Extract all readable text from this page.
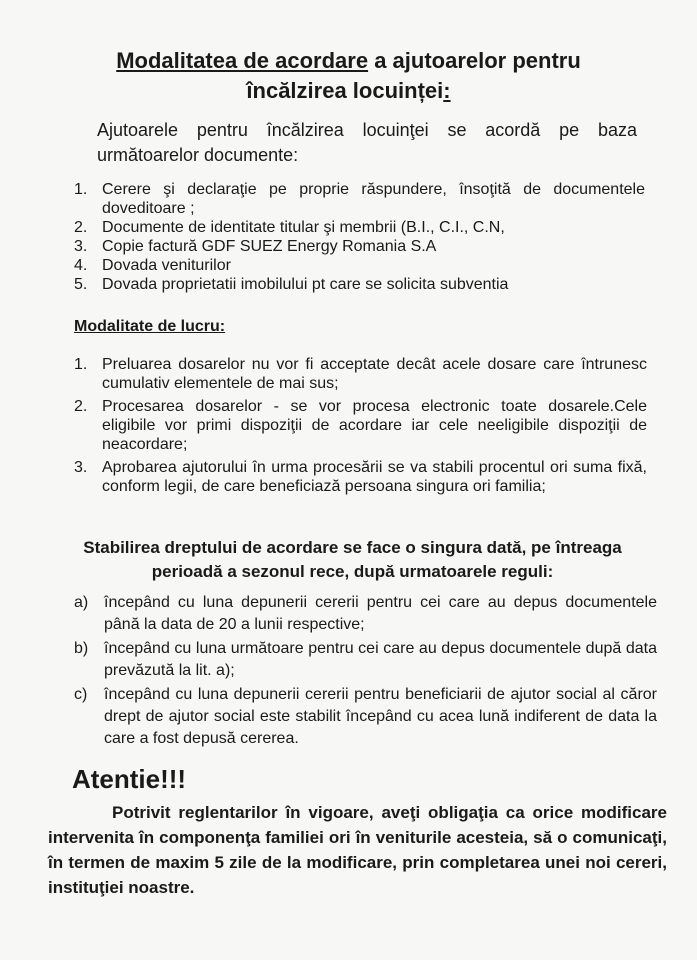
Modalitatea de acordare a ajutoarelor pentru
încălzirea locuinței:
Ajutoarele pentru încălzirea locuinţei se acordă pe baza următoarelor documente:
1. Cerere şi declaraţie pe proprie răspundere, însoţită de documentele doveditoare ;
2. Documente de identitate titular şi membrii (B.I., C.I., C.N,
3. Copie factură GDF SUEZ Energy Romania S.A
4. Dovada veniturilor
5. Dovada proprietatii imobilului pt care se solicita subventia
Modalitate de lucru:
1. Preluarea dosarelor nu vor fi acceptate decât acele dosare care întrunesc cumulativ elementele de mai sus;
2. Procesarea dosarelor - se vor procesa electronic toate dosarele.Cele eligibile vor primi dispoziţii de acordare iar cele neeligibile dispoziţii de neacordare;
3. Aprobarea ajutorului în urma procesării se va stabili procentul ori suma fixă, conform legii, de care beneficiază persoana singura ori familia;
Stabilirea dreptului de acordare se face o singura dată, pe întreaga perioadă a sezonul rece, după urmatoarele reguli:
a) începând cu luna depunerii cererii pentru cei care au depus documentele până la data de 20 a lunii respective;
b) începând cu luna următoare pentru cei care au depus documentele după data prevăzută la lit. a);
c)	începând cu luna depunerii cererii pentru beneficiarii de ajutor social al căror drept de ajutor social este stabilit începând cu acea lună indiferent de data la care a fost depusă cererea.
Atentie!!!
Potrivit reglentarilor în vigoare, aveţi obligaţia ca orice modificare intervenita în componenţa familiei ori în veniturile acesteia, să o comunicaţi, în termen de maxim 5 zile de la modificare, prin completarea unei noi cereri, instituţiei noastre.
